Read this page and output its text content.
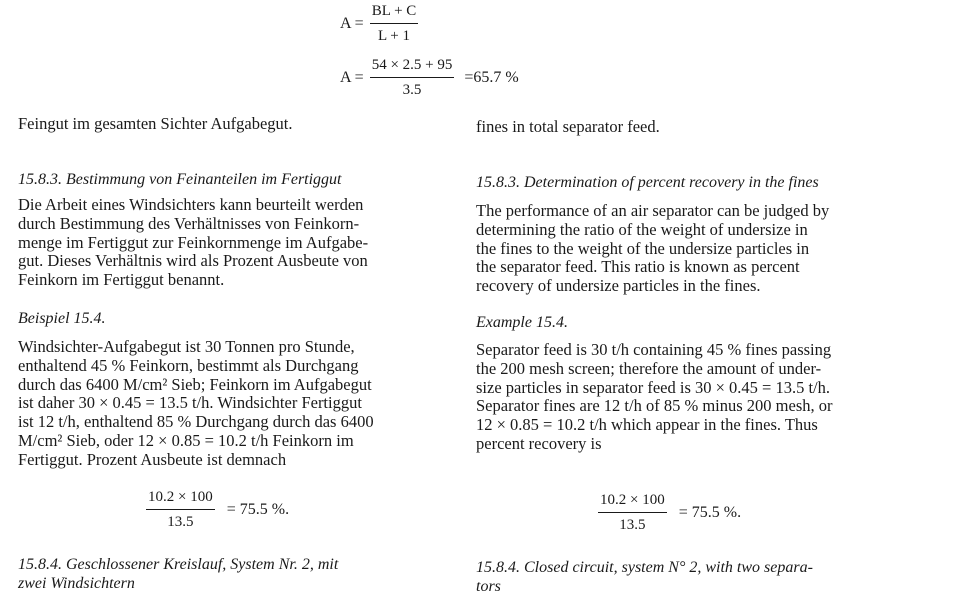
$A = \frac{BL + C}{L + 1}$
$A = \frac{54 \times 2.5 + 95}{3.5} =65.7$ %
Feingut im gesamten Sichter Aufgabegut.
15.8.3. Bestimmung von Feinanteilen im Fertiggut
Die Arbeit eines Windsichters kann beurteilt werden
durch Bestimmung des Verhältnisses von Feinkorn-
menge im Fertiggut zur Feinkornmenge im Aufgabe-
gut. Dieses Verhältnis wird als Prozent Ausbeute von
Feinkorn im Fertiggut benannt.
Beispiel 15.4.
Windsichter-Aufgabegut ist 30 Tonnen pro Stunde,
enthaltend 45 % Feinkorn, bestimmt als Durchgang
durch das 6400 M/cm² Sieb; Feinkorn im Aufgabegut
ist daher 30 × 0.45 = 13.5 t/h. Windsichter Fertiggut
ist 12 t/h, enthaltend 85 % Durchgang durch das 6400
M/cm² Sieb, oder 12 × 0.85 = 10.2 t/h Feinkorn im
Fertiggut. Prozent Ausbeute ist demnach
$\frac{10.2 \times 100}{13.5} = 75.5$ %.
15.8.4. Geschlossener Kreislauf, System Nr. 2, mit
zwei Windsichtern
fines in total separator feed.
15.8.3. Determination of percent recovery in the fines
The performance of an air separator can be judged by
determining the ratio of the weight of undersize in
the fines to the weight of the undersize particles in
the separator feed. This ratio is known as percent
recovery of undersize particles in the fines.
Example 15.4.
Separator feed is 30 t/h containing 45 % fines passing
the 200 mesh screen; therefore the amount of under-
size particles in separator feed is 30 × 0.45 = 13.5 t/h.
Separator fines are 12 t/h of 85 % minus 200 mesh, or
12 × 0.85 = 10.2 t/h which appear in the fines. Thus
percent recovery is
$\frac{10.2 \times 100}{13.5} = 75.5$ %.
15.8.4. Closed circuit, system N° 2, with two separa-
tors
